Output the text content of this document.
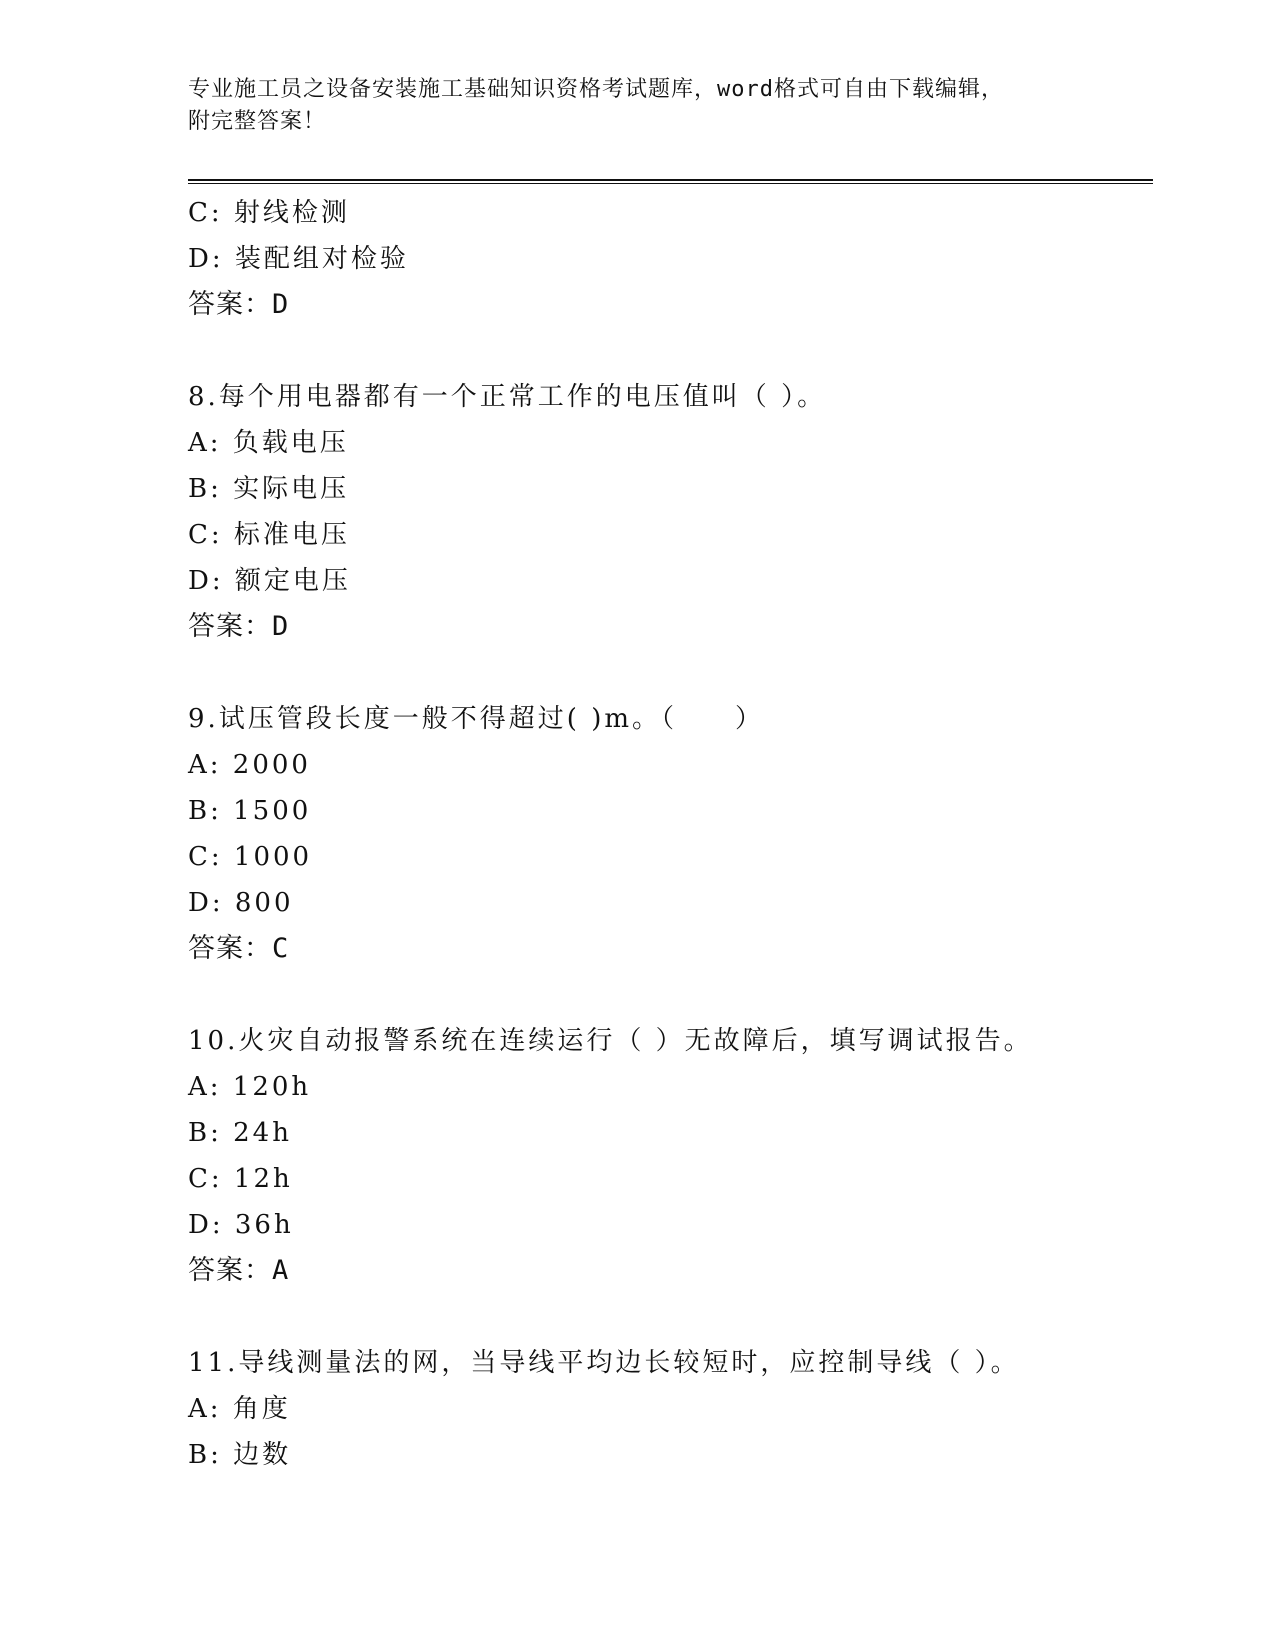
专业施工员之设备安装施工基础知识资格考试题库，word格式可自由下载编辑，
附完整答案！
C: 射线检测
D: 装配组对检验
答案：D
8.每个用电器都有一个正常工作的电压值叫（ ）。
A: 负载电压
B: 实际电压
C: 标准电压
D: 额定电压
答案：D
9.试压管段长度一般不得超过( )m。（　　）
A: 2000
B: 1500
C: 1000
D: 800
答案：C
10.火灾自动报警系统在连续运行（ ）无故障后，填写调试报告。
A: 120h
B: 24h
C: 12h
D: 36h
答案：A
11.导线测量法的网，当导线平均边长较短时，应控制导线（ ）。
A: 角度
B: 边数
